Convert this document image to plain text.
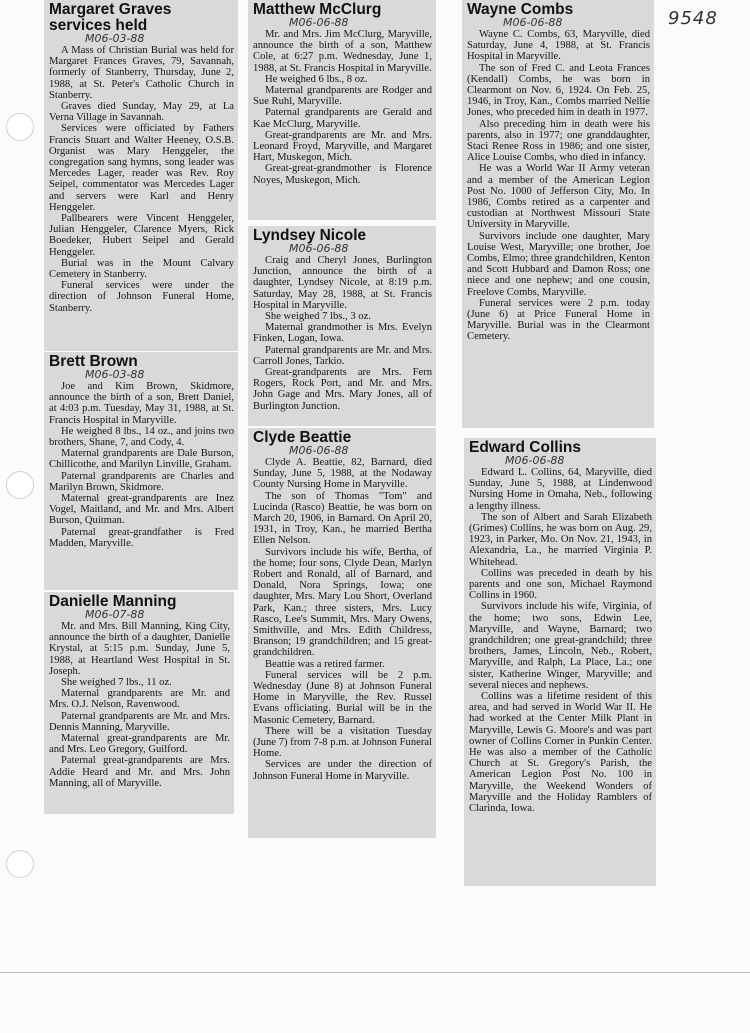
9548
Margaret Graves services held
M06-03-88

A Mass of Christian Burial was held for Margaret Frances Graves, 79, Savannah, formerly of Stanberry, Thursday, June 2, 1988, at St. Peter's Catholic Church in Stanberry.

Graves died Sunday, May 29, at La Verna Village in Savannah.

Services were officiated by Fathers Francis Stuart and Walter Heeney, O.S.B. Organist was Mary Henggeler, the congregation sang hymns, song leader was Mercedes Lager, reader was Rev. Roy Seipel, commentator was Mercedes Lager and servers were Karl and Henry Henggeler.

Pallbearers were Vincent Henggeler, Julian Henggeler, Clarence Myers, Rick Boedeker, Hubert Seipel and Gerald Henggeler.

Burial was in the Mount Calvary Cemetery in Stanberry.

Funeral services were under the direction of Johnson Funeral Home, Stanberry.

Brett Brown
M06-03-88

Joe and Kim Brown, Skidmore, announce the birth of a son, Brett Daniel, at 4:03 p.m. Tuesday, May 31, 1988, at St. Francis Hospital in Maryville.

He weighed 8 lbs., 14 oz., and joins two brothers, Shane, 7, and Cody, 4.

Maternal grandparents are Dale Burson, Chillicothe, and Marilyn Linville, Graham.

Paternal grandparents are Charles and Marilyn Brown, Skidmore.

Maternal great-grandparents are Inez Vogel, Maitland, and Mr. and Mrs. Albert Burson, Quitman.

Paternal great-grandfather is Fred Madden, Maryville.

Danielle Manning
M06-07-88

Mr. and Mrs. Bill Manning, King City, announce the birth of a daughter, Danielle Krystal, at 5:15 p.m. Sunday, June 5, 1988, at Heartland West Hospital in St. Joseph.

She weighed 7 lbs., 11 oz.

Maternal grandparents are Mr. and Mrs. O.J. Nelson, Ravenwood.

Paternal grandparents are Mr. and Mrs. Dennis Manning, Maryville.

Maternal great-grandparents are Mr. and Mrs. Leo Gregory, Guilford.

Paternal great-grandparents are Mrs. Addie Heard and Mr. and Mrs. John Manning, all of Maryville.

Matthew McClurg
M06-06-88

Mr. and Mrs. Jim McClurg, Maryville, announce the birth of a son, Matthew Cole, at 6:27 p.m. Wednesday, June 1, 1988, at St. Francis Hospital in Maryville.

He weighed 6 lbs., 8 oz.

Maternal grandparents are Rodger and Sue Ruhl, Maryville.

Paternal grandparents are Gerald and Kae McClurg, Maryville.

Great-grandparents are Mr. and Mrs. Leonard Froyd, Maryville, and Margaret Hart, Muskegon, Mich.

Great-great-grandmother is Florence Noyes, Muskegon, Mich.

Lyndsey Nicole
M06-06-88

Craig and Cheryl Jones, Burlington Junction, announce the birth of a daughter, Lyndsey Nicole, at 8:19 p.m. Saturday, May 28, 1988, at St. Francis Hospital in Maryville.

She weighed 7 lbs., 3 oz.

Maternal grandmother is Mrs. Evelyn Finken, Logan, Iowa.

Paternal grandparents are Mr. and Mrs. Carroll Jones, Tarkio.

Great-grandparents are Mrs. Fern Rogers, Rock Port, and Mr. and Mrs. John Gage and Mrs. Mary Jones, all of Burlington Junction.

Clyde Beattie
M06-06-88

Clyde A. Beattie, 82, Barnard, died Sunday, June 5, 1988, at the Nodaway County Nursing Home in Maryville.

The son of Thomas "Tom" and Lucinda (Rasco) Beattie, he was born on March 20, 1906, in Barnard. On April 20, 1931, in Troy, Kan., he married Bertha Ellen Nelson.

Survivors include his wife, Bertha, of the home; four sons, Clyde Dean, Marlyn Robert and Ronald, all of Barnard, and Donald, Nora Springs, Iowa; one daughter, Mrs. Mary Lou Short, Overland Park, Kan.; three sisters, Mrs. Lucy Rasco, Lee's Summit, Mrs. Mary Owens, Smithville, and Mrs. Edith Childress, Branson; 19 grandchildren; and 15 great-grandchildren.

Beattie was a retired farmer.

Funeral services will be 2 p.m. Wednesday (June 8) at Johnson Funeral Home in Maryville, the Rev. Russel Evans officiating. Burial will be in the Masonic Cemetery, Barnard.

There will be a visitation Tuesday (June 7) from 7-8 p.m. at Johnson Funeral Home.

Services are under the direction of Johnson Funeral Home in Maryville.

Wayne Combs
M06-06-88

Wayne C. Combs, 63, Maryville, died Saturday, June 4, 1988, at St. Francis Hospital in Maryville.

The son of Fred C. and Leota Frances (Kendall) Combs, he was born in Clearmont on Nov. 6, 1924. On Feb. 25, 1946, in Troy, Kan., Combs married Nellie Jones, who preceded him in death in 1977.

Also preceding him in death were his parents, also in 1977; one granddaughter, Staci Renee Ross in 1986; and one sister, Alice Louise Combs, who died in infancy.

He was a World War II Army veteran and a member of the American Legion Post No. 1000 of Jefferson City, Mo. In 1986, Combs retired as a carpenter and custodian at Northwest Missouri State University in Maryville.

Survivors include one daughter, Mary Louise West, Maryville; one brother, Joe Combs, Elmo; three grandchildren, Kenton and Scott Hubbard and Damon Ross; one niece and one nephew; and one cousin, Freelove Combs, Maryville.

Funeral services were 2 p.m. today (June 6) at Price Funeral Home in Maryville. Burial was in the Clearmont Cemetery.

Edward Collins
M06-06-88

Edward L. Collins, 64, Maryville, died Sunday, June 5, 1988, at Lindenwood Nursing Home in Omaha, Neb., following a lengthy illness.

The son of Albert and Sarah Elizabeth (Grimes) Collins, he was born on Aug. 29, 1923, in Parker, Mo. On Nov. 21, 1943, in Alexandria, La., he married Virginia P. Whitehead.

Collins was preceded in death by his parents and one son, Michael Raymond Collins in 1960.

Survivors include his wife, Virginia, of the home; two sons, Edwin Lee, Maryville, and Wayne, Barnard; two grandchildren; one great-grandchild; three brothers, James, Lincoln, Neb., Robert, Maryville, and Ralph, La Place, La.; one sister, Katherine Winger, Maryville; and several nieces and nephews.

Collins was a lifetime resident of this area, and had served in World War II. He had worked at the Center Milk Plant in Maryville, Lewis G. Moore's and was part owner of Collins Corner in Punkin Center. He was also a member of the Catholic Church at St. Gregory's Parish, the American Legion Post No. 100 in Maryville, the Weekend Wonders of Maryville and the Holiday Ramblers of Clarinda, Iowa.
